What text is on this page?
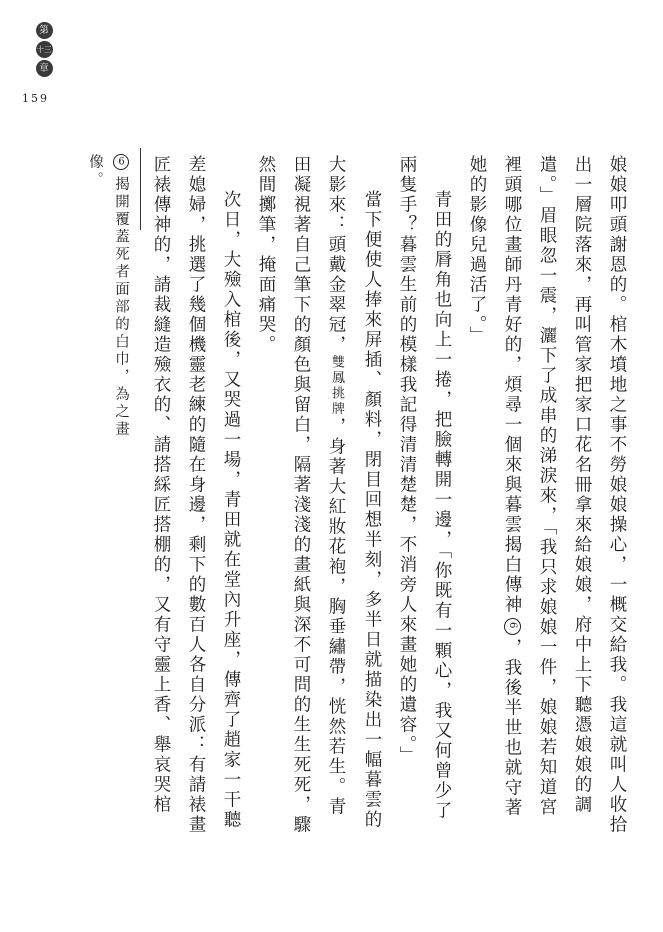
第
十三
章
159
6揭開覆蓋死者面部的白巾，為之畫像。	娘娘叩頭謝恩的。棺木墳地之事不勞娘娘操心，一概交給我。我這就叫人收拾出一層院落來，再叫管家把家口花名冊拿來給娘娘，府中上下聽憑娘娘的調遣。」眉眼忽一震，灑下了成串的涕淚來，「我只求娘娘一件，娘娘若知道宮裡頭哪位畫師丹青好的，煩尋一個來與暮雲揭白傳神6，我後半世也就守著她的影像兒過活了。」

青田的脣角也向上一捲，把臉轉開一邊，「你既有一顆心，我又何曾少了兩隻手？暮雲生前的模樣我記得清清楚楚，不消旁人來畫她的遺容。」

當下便使人捧來屏插、顏料，閉目回想半刻，多半日就描染出一幅暮雲的大影來：頭戴金翠冠，雙鳳挑牌，身著大紅妝花袍，胸垂繡帶，恍然若生。青田凝視著自己筆下的顏色與留白，隔著淺淺的畫紙與深不可問的生生死死，驟然間擲筆，掩面痛哭。

次日，大殮入棺後，又哭過一場，青田就在堂內升座，傳齊了趙家一干聽差媳婦，挑選了幾個機靈老練的隨在身邊，剩下的數百人各自分派：有請裱畫匠裱傳神的，請裁縫造殮衣的、請搭綵匠搭棚的，又有守靈上香、舉哀哭棺
